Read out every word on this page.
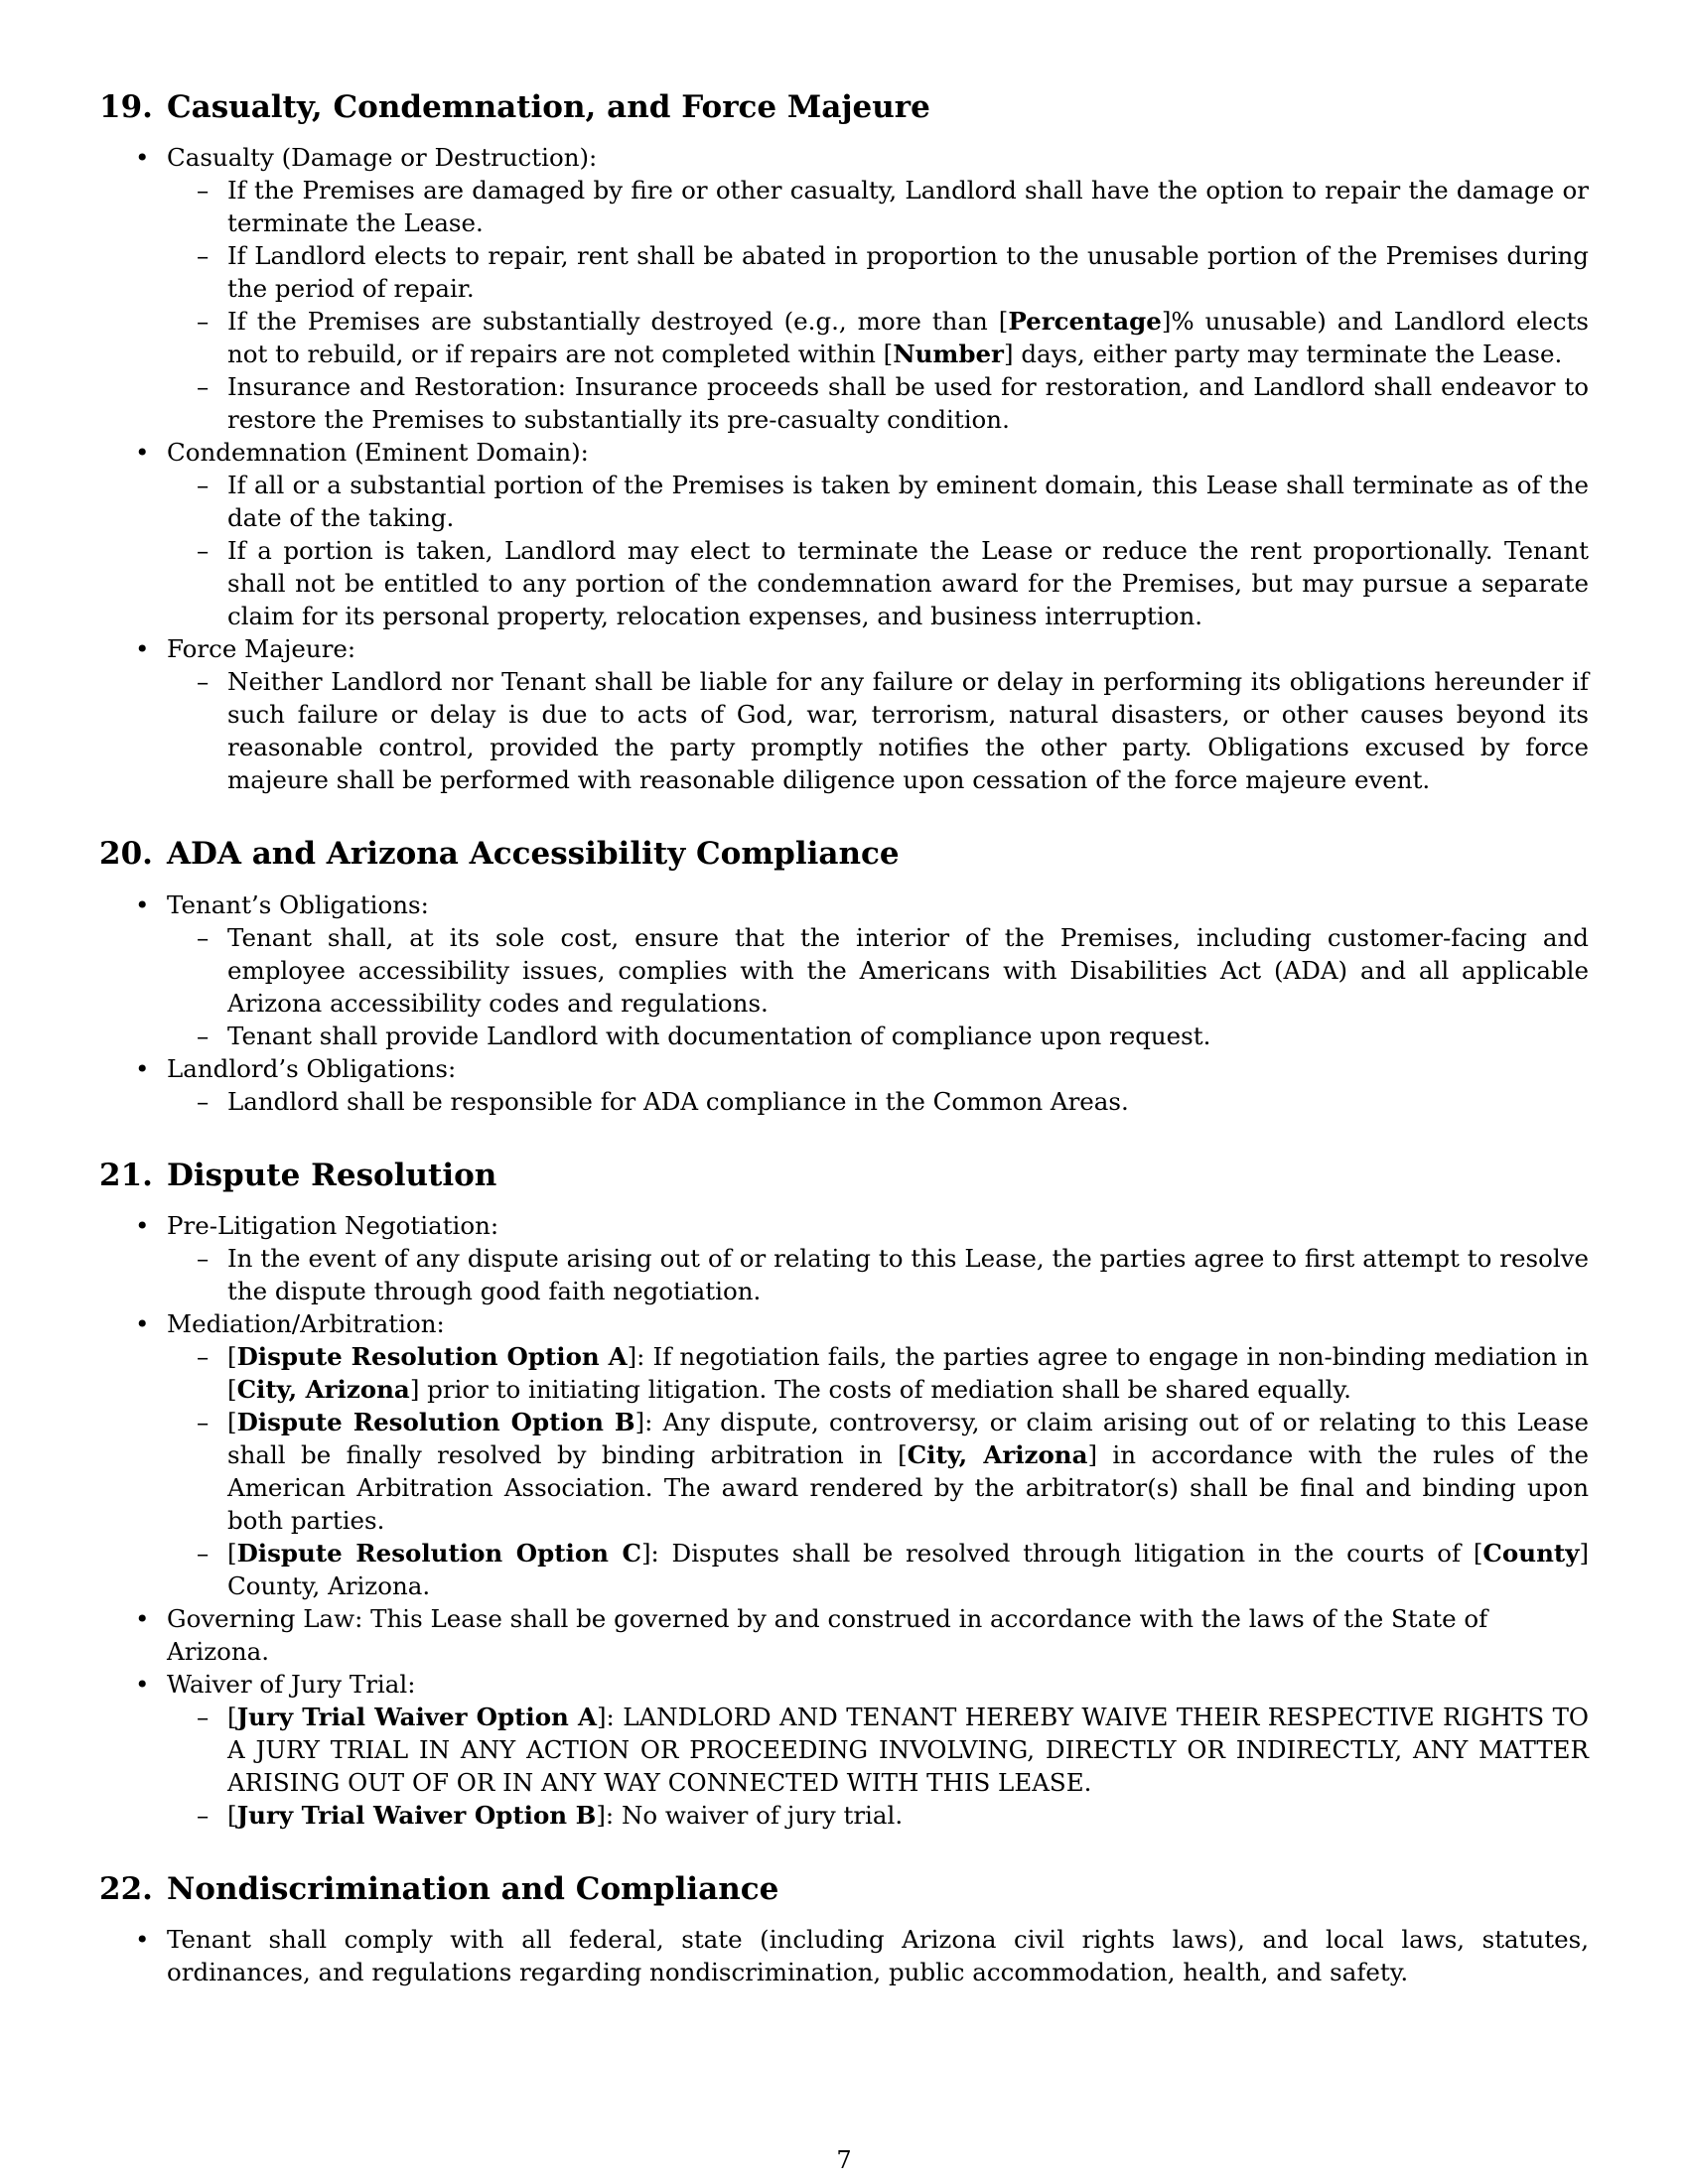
19. Casualty, Condemnation, and Force Majeure
• Casualty (Damage or Destruction):
– If the Premises are damaged by fire or other casualty, Landlord shall have the option to repair the damage or terminate the Lease.
– If Landlord elects to repair, rent shall be abated in proportion to the unusable portion of the Premises during the period of repair.
– If the Premises are substantially destroyed (e.g., more than [Percentage]% unusable) and Landlord elects not to rebuild, or if repairs are not completed within [Number] days, either party may terminate the Lease.
– Insurance and Restoration: Insurance proceeds shall be used for restoration, and Landlord shall endeavor to restore the Premises to substantially its pre-casualty condition.
• Condemnation (Eminent Domain):
– If all or a substantial portion of the Premises is taken by eminent domain, this Lease shall terminate as of the date of the taking.
– If a portion is taken, Landlord may elect to terminate the Lease or reduce the rent proportionally. Tenant shall not be entitled to any portion of the condemnation award for the Premises, but may pursue a separate claim for its personal property, relocation expenses, and business interruption.
• Force Majeure:
– Neither Landlord nor Tenant shall be liable for any failure or delay in performing its obligations hereunder if such failure or delay is due to acts of God, war, terrorism, natural disasters, or other causes beyond its reasonable control, provided the party promptly notifies the other party. Obligations excused by force majeure shall be performed with reasonable diligence upon cessation of the force majeure event.
20. ADA and Arizona Accessibility Compliance
• Tenant’s Obligations:
– Tenant shall, at its sole cost, ensure that the interior of the Premises, including customer-facing and employee accessibility issues, complies with the Americans with Disabilities Act (ADA) and all applicable Arizona accessibility codes and regulations.
– Tenant shall provide Landlord with documentation of compliance upon request.
• Landlord’s Obligations:
– Landlord shall be responsible for ADA compliance in the Common Areas.
21. Dispute Resolution
• Pre-Litigation Negotiation:
– In the event of any dispute arising out of or relating to this Lease, the parties agree to first attempt to resolve the dispute through good faith negotiation.
• Mediation/Arbitration:
– [Dispute Resolution Option A]: If negotiation fails, the parties agree to engage in non-binding mediation in [City, Arizona] prior to initiating litigation. The costs of mediation shall be shared equally.
– [Dispute Resolution Option B]: Any dispute, controversy, or claim arising out of or relating to this Lease shall be finally resolved by binding arbitration in [City, Arizona] in accordance with the rules of the American Arbitration Association. The award rendered by the arbitrator(s) shall be final and binding upon both parties.
– [Dispute Resolution Option C]: Disputes shall be resolved through litigation in the courts of [County] County, Arizona.
• Governing Law: This Lease shall be governed by and construed in accordance with the laws of the State of Arizona.
• Waiver of Jury Trial:
– [Jury Trial Waiver Option A]: LANDLORD AND TENANT HEREBY WAIVE THEIR RESPECTIVE RIGHTS TO A JURY TRIAL IN ANY ACTION OR PROCEEDING INVOLVING, DIRECTLY OR INDIRECTLY, ANY MATTER ARISING OUT OF OR IN ANY WAY CONNECTED WITH THIS LEASE.
– [Jury Trial Waiver Option B]: No waiver of jury trial.
22. Nondiscrimination and Compliance
• Tenant shall comply with all federal, state (including Arizona civil rights laws), and local laws, statutes, ordinances, and regulations regarding nondiscrimination, public accommodation, health, and safety.
7
